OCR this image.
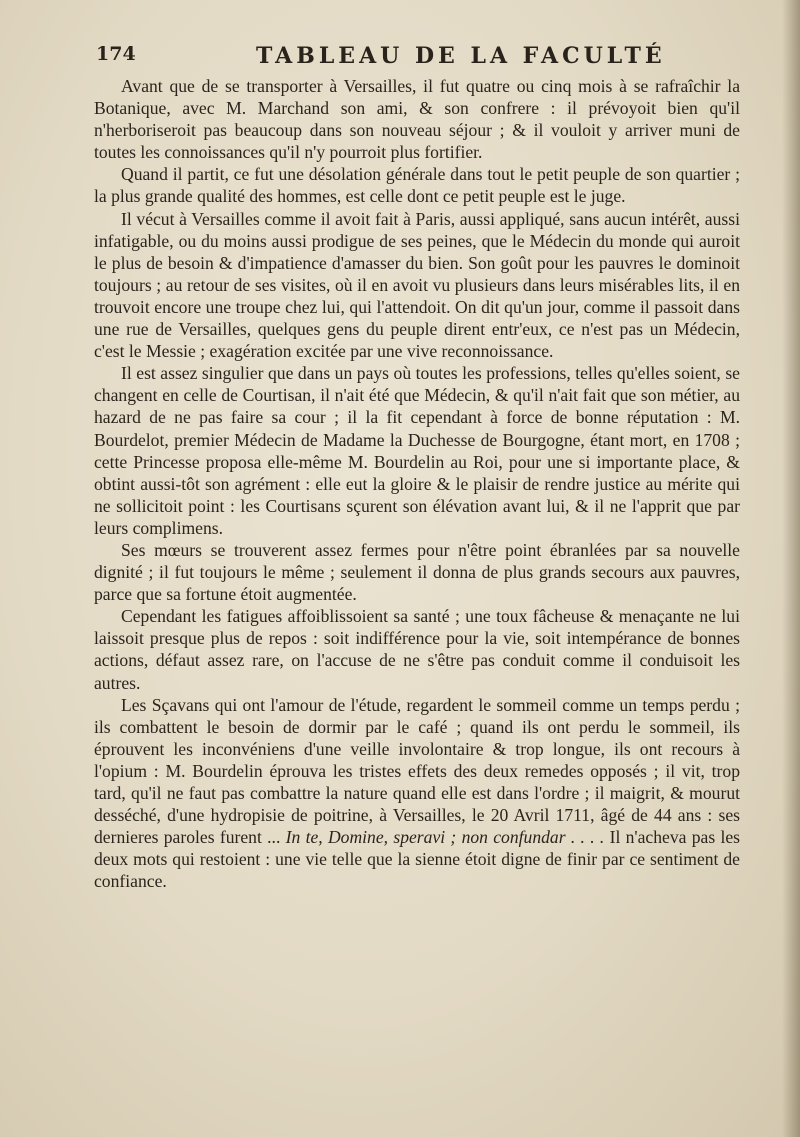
174	TABLEAU DE LA FACULTÉ

Avant que de se transporter à Versailles, il fut quatre ou cinq mois à se rafraîchir la Botanique, avec M. Marchand son ami, & son confrere : il prévoyoit bien qu'il n'herboriseroit pas beaucoup dans son nouveau séjour ; & il vouloit y arriver muni de toutes les connoissances qu'il n'y pourroit plus fortifier.

Quand il partit, ce fut une désolation générale dans tout le petit peuple de son quartier ; la plus grande qualité des hommes, est celle dont ce petit peuple est le juge.

Il vécut à Versailles comme il avoit fait à Paris, aussi appliqué, sans aucun intérêt, aussi infatigable, ou du moins aussi prodigue de ses peines, que le Médecin du monde qui auroit le plus de besoin & d'impatience d'amasser du bien. Son goût pour les pauvres le dominoit toujours ; au retour de ses visites, où il en avoit vu plusieurs dans leurs misérables lits, il en trouvoit encore une troupe chez lui, qui l'attendoit. On dit qu'un jour, comme il passoit dans une rue de Versailles, quelques gens du peuple dirent entr'eux, ce n'est pas un Médecin, c'est le Messie ; exagération excitée par une vive reconnoissance.

Il est assez singulier que dans un pays où toutes les professions, telles qu'elles soient, se changent en celle de Courtisan, il n'ait été que Médecin, & qu'il n'ait fait que son métier, au hazard de ne pas faire sa cour ; il la fit cependant à force de bonne réputation : M. Bourdelot, premier Médecin de Madame la Duchesse de Bourgogne, étant mort, en 1708 ; cette Princesse proposa elle-même M. Bourdelin au Roi, pour une si importante place, & obtint aussi-tôt son agrément : elle eut la gloire & le plaisir de rendre justice au mérite qui ne sollicitoit point : les Courtisans sçurent son élévation avant lui, & il ne l'apprit que par leurs complimens.

Ses mœurs se trouverent assez fermes pour n'être point ébranlées par sa nouvelle dignité ; il fut toujours le même ; seulement il donna de plus grands secours aux pauvres, parce que sa fortune étoit augmentée.

Cependant les fatigues affoiblissoient sa santé ; une toux fâcheuse & menaçante ne lui laissoit presque plus de repos : soit indifférence pour la vie, soit intempérance de bonnes actions, défaut assez rare, on l'accuse de ne s'être pas conduit comme il conduisoit les autres.

Les Sçavans qui ont l'amour de l'étude, regardent le sommeil comme un temps perdu ; ils combattent le besoin de dormir par le café ; quand ils ont perdu le sommeil, ils éprouvent les inconvéniens d'une veille involontaire & trop longue, ils ont recours à l'opium : M. Bourdelin éprouva les tristes effets des deux remedes opposés ; il vit, trop tard, qu'il ne faut pas combattre la nature quand elle est dans l'ordre ; il maigrit, & mourut desséché, d'une hydropisie de poitrine, à Versailles, le 20 Avril 1711, âgé de 44 ans : ses dernieres paroles furent ... In te, Domine, speravi ; non confundar . . . . Il n'acheva pas les deux mots qui restoient : une vie telle que la sienne étoit digne de finir par ce sentiment de confiance.
